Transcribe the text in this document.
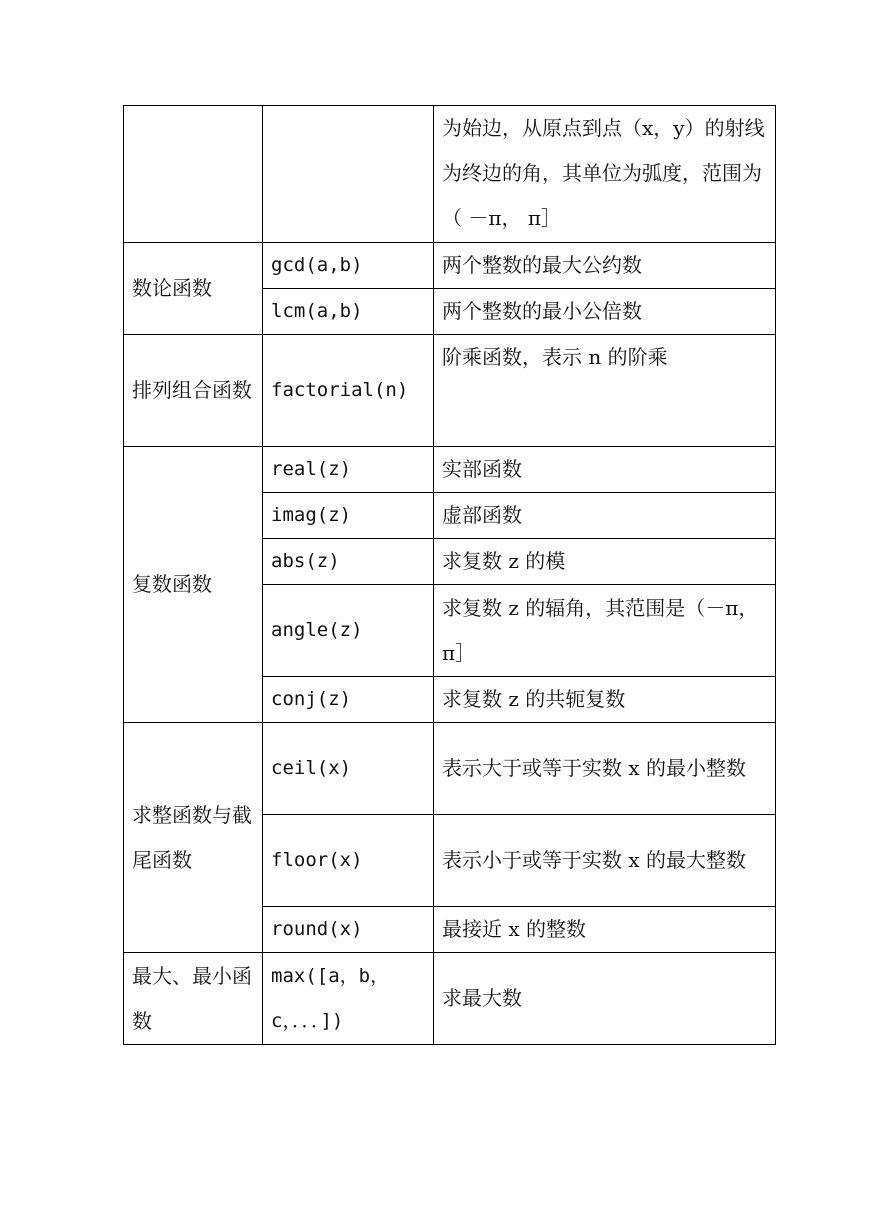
		为始边，从原点到点（x，y）的射线为终边的角，其单位为弧度，范围为（ －π， π］
数论函数	gcd(a,b)	两个整数的最大公约数
	lcm(a,b)	两个整数的最小公倍数
排列组合函数	factorial(n)	阶乘函数，表示 n 的阶乘
复数函数	real(z)	实部函数
	imag(z)	虚部函数
	abs(z)	求复数 z 的模
	angle(z)	求复数 z 的辐角，其范围是（－π， π］
	conj(z)	求复数 z 的共轭复数
求整函数与截尾函数	ceil(x)	表示大于或等于实数 x 的最小整数
	floor(x)	表示小于或等于实数 x 的最大整数
	round(x)	最接近 x 的整数
最大、最小函数	max([a，b，c，．．．])	求最大数
